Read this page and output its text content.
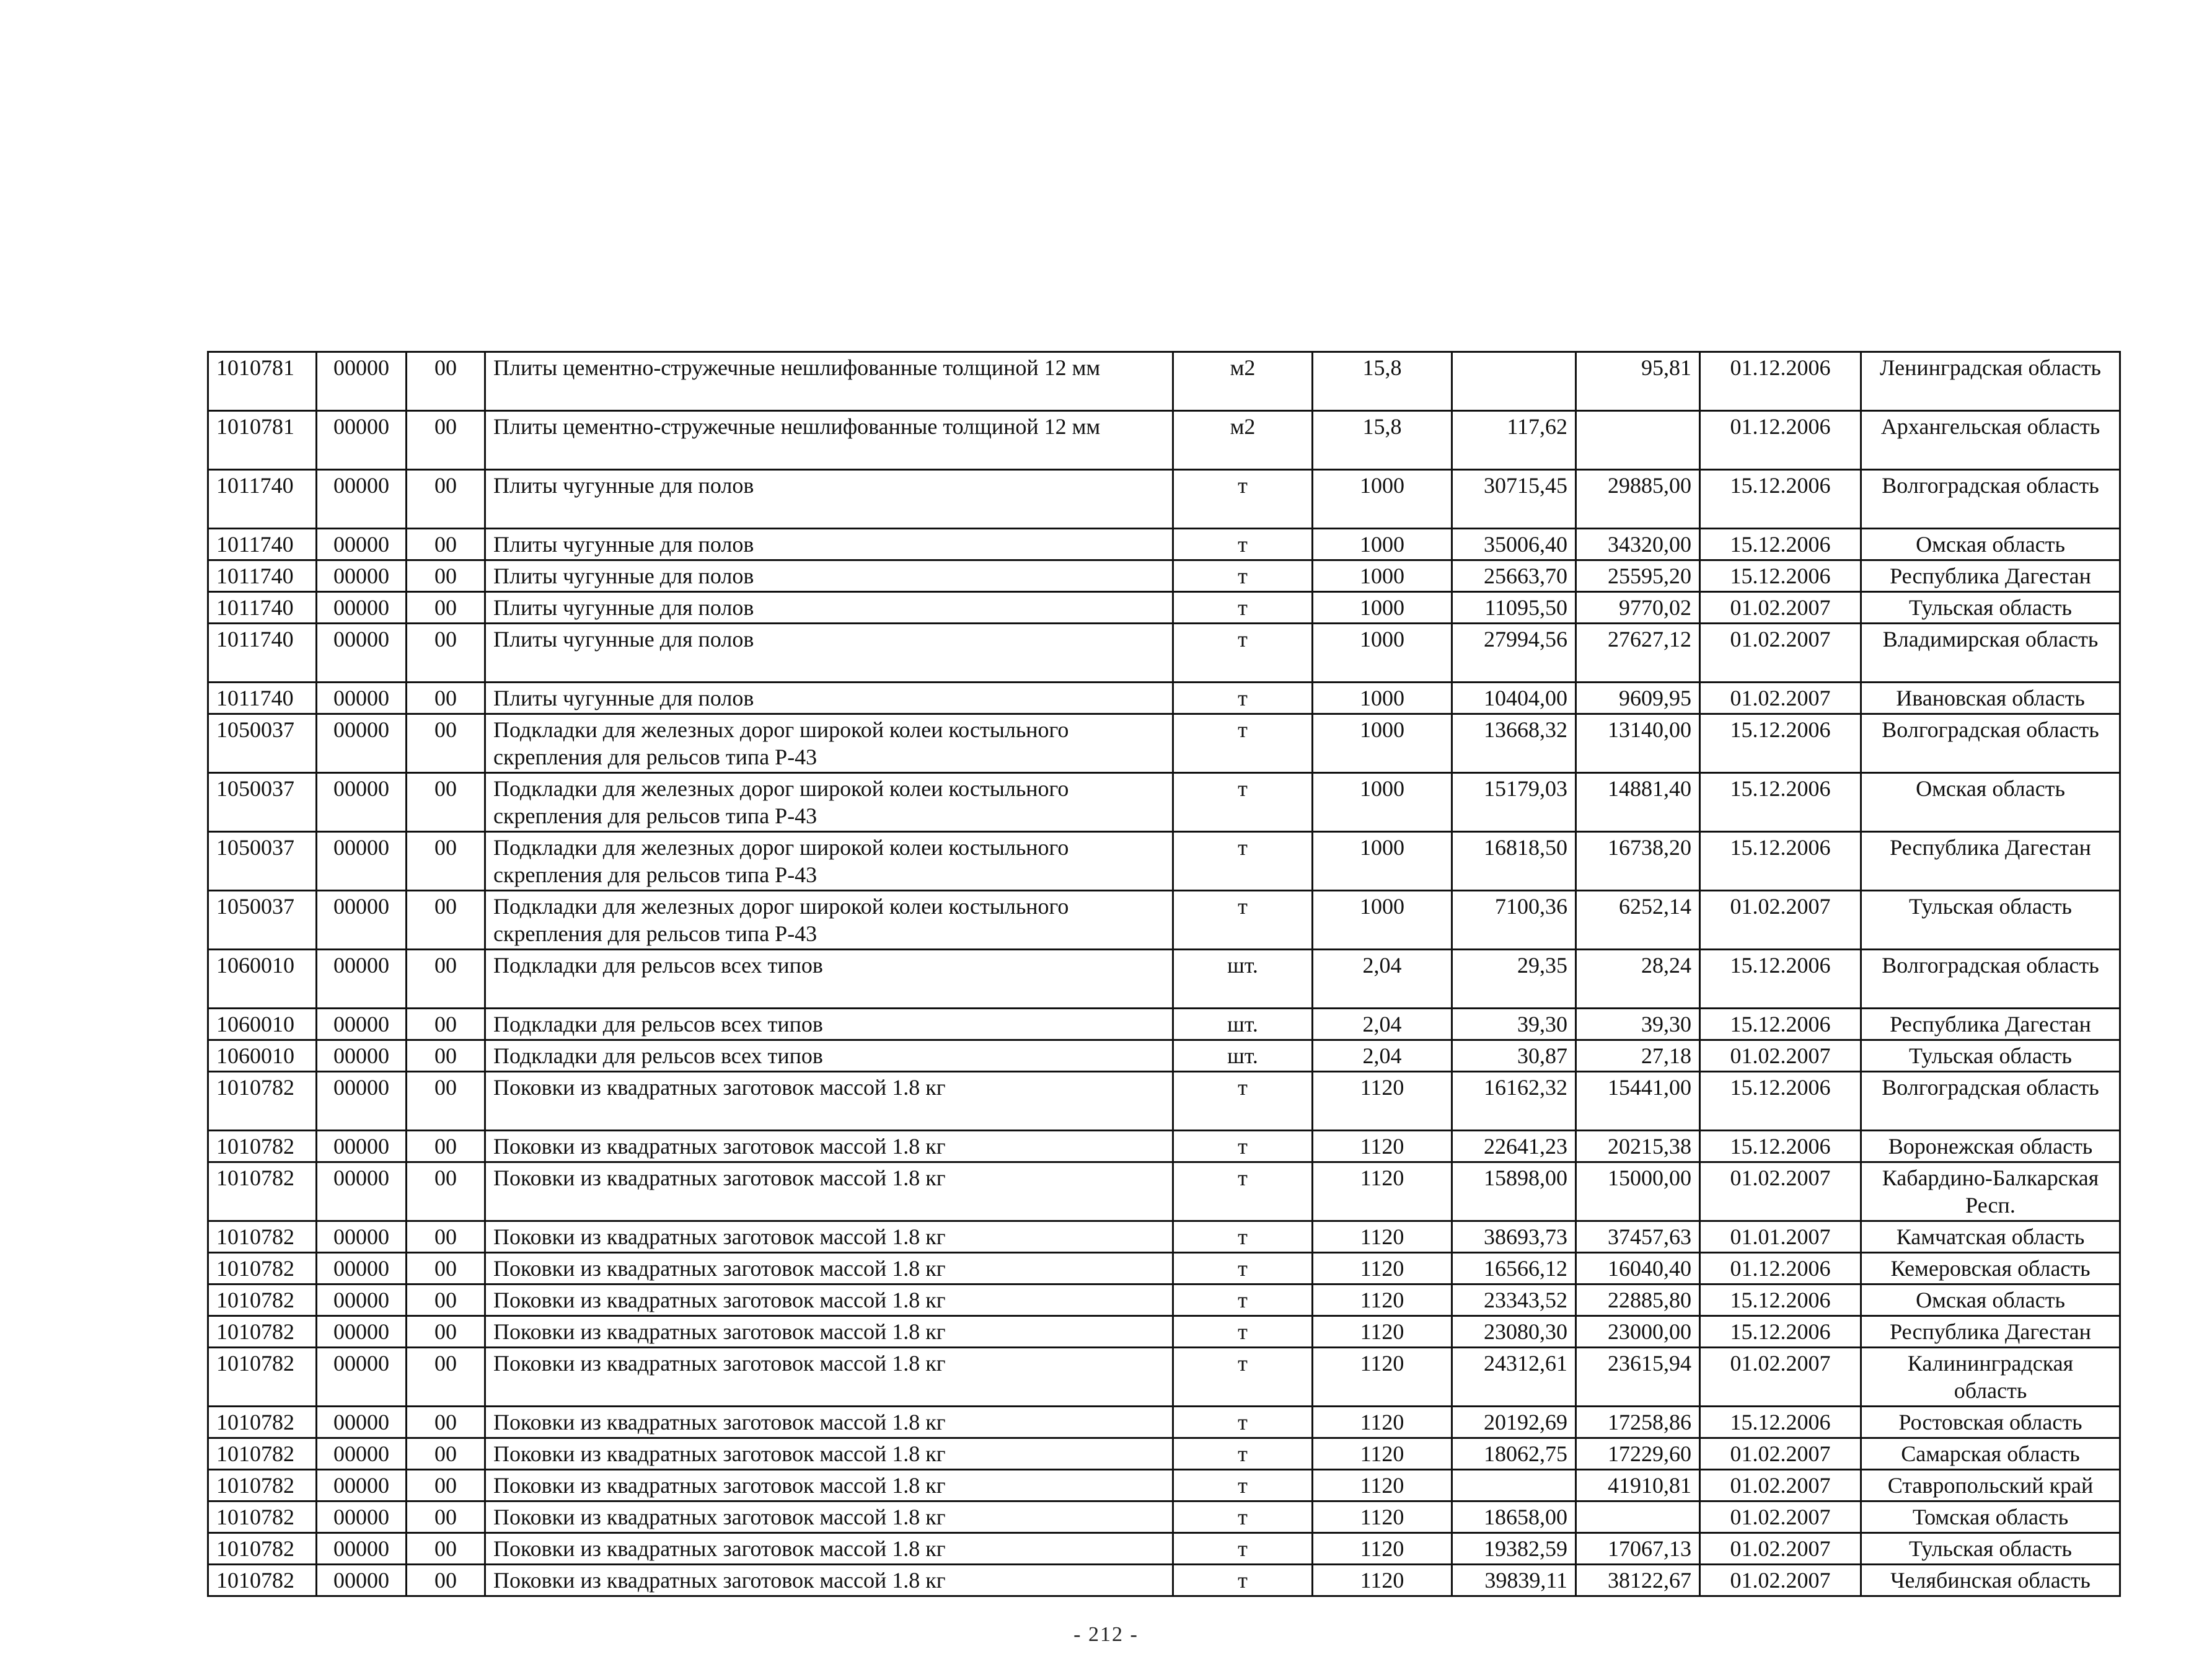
1010781	00000	00	Плиты цементно-стружечные нешлифованные толщиной 12 мм	м2	15,8		95,81	01.12.2006	Ленинградская область
1010781	00000	00	Плиты цементно-стружечные нешлифованные толщиной 12 мм	м2	15,8	117,62		01.12.2006	Архангельская область
1011740	00000	00	Плиты чугунные для полов	т	1000	30715,45	29885,00	15.12.2006	Волгоградская область
1011740	00000	00	Плиты чугунные для полов	т	1000	35006,40	34320,00	15.12.2006	Омская область
1011740	00000	00	Плиты чугунные для полов	т	1000	25663,70	25595,20	15.12.2006	Республика Дагестан
1011740	00000	00	Плиты чугунные для полов	т	1000	11095,50	9770,02	01.02.2007	Тульская область
1011740	00000	00	Плиты чугунные для полов	т	1000	27994,56	27627,12	01.02.2007	Владимирская область
1011740	00000	00	Плиты чугунные для полов	т	1000	10404,00	9609,95	01.02.2007	Ивановская область
1050037	00000	00	Подкладки для железных дорог широкой колеи костыльного скрепления для рельсов типа Р-43	т	1000	13668,32	13140,00	15.12.2006	Волгоградская область
1050037	00000	00	Подкладки для железных дорог широкой колеи костыльного скрепления для рельсов типа Р-43	т	1000	15179,03	14881,40	15.12.2006	Омская область
1050037	00000	00	Подкладки для железных дорог широкой колеи костыльного скрепления для рельсов типа Р-43	т	1000	16818,50	16738,20	15.12.2006	Республика Дагестан
1050037	00000	00	Подкладки для железных дорог широкой колеи костыльного скрепления для рельсов типа Р-43	т	1000	7100,36	6252,14	01.02.2007	Тульская область
1060010	00000	00	Подкладки для рельсов всех типов	шт.	2,04	29,35	28,24	15.12.2006	Волгоградская область
1060010	00000	00	Подкладки для рельсов всех типов	шт.	2,04	39,30	39,30	15.12.2006	Республика Дагестан
1060010	00000	00	Подкладки для рельсов всех типов	шт.	2,04	30,87	27,18	01.02.2007	Тульская область
1010782	00000	00	Поковки из квадратных заготовок массой 1.8 кг	т	1120	16162,32	15441,00	15.12.2006	Волгоградская область
1010782	00000	00	Поковки из квадратных заготовок массой 1.8 кг	т	1120	22641,23	20215,38	15.12.2006	Воронежская область
1010782	00000	00	Поковки из квадратных заготовок массой 1.8 кг	т	1120	15898,00	15000,00	01.02.2007	Кабардино-Балкарская Респ.
1010782	00000	00	Поковки из квадратных заготовок массой 1.8 кг	т	1120	38693,73	37457,63	01.01.2007	Камчатская область
1010782	00000	00	Поковки из квадратных заготовок массой 1.8 кг	т	1120	16566,12	16040,40	01.12.2006	Кемеровская область
1010782	00000	00	Поковки из квадратных заготовок массой 1.8 кг	т	1120	23343,52	22885,80	15.12.2006	Омская область
1010782	00000	00	Поковки из квадратных заготовок массой 1.8 кг	т	1120	23080,30	23000,00	15.12.2006	Республика Дагестан
1010782	00000	00	Поковки из квадратных заготовок массой 1.8 кг	т	1120	24312,61	23615,94	01.02.2007	Калининградская область
1010782	00000	00	Поковки из квадратных заготовок массой 1.8 кг	т	1120	20192,69	17258,86	15.12.2006	Ростовская область
1010782	00000	00	Поковки из квадратных заготовок массой 1.8 кг	т	1120	18062,75	17229,60	01.02.2007	Самарская область
1010782	00000	00	Поковки из квадратных заготовок массой 1.8 кг	т	1120		41910,81	01.02.2007	Ставропольский край
1010782	00000	00	Поковки из квадратных заготовок массой 1.8 кг	т	1120	18658,00		01.02.2007	Томская область
1010782	00000	00	Поковки из квадратных заготовок массой 1.8 кг	т	1120	19382,59	17067,13	01.02.2007	Тульская область
1010782	00000	00	Поковки из квадратных заготовок массой 1.8 кг	т	1120	39839,11	38122,67	01.02.2007	Челябинская область
- 212 -
